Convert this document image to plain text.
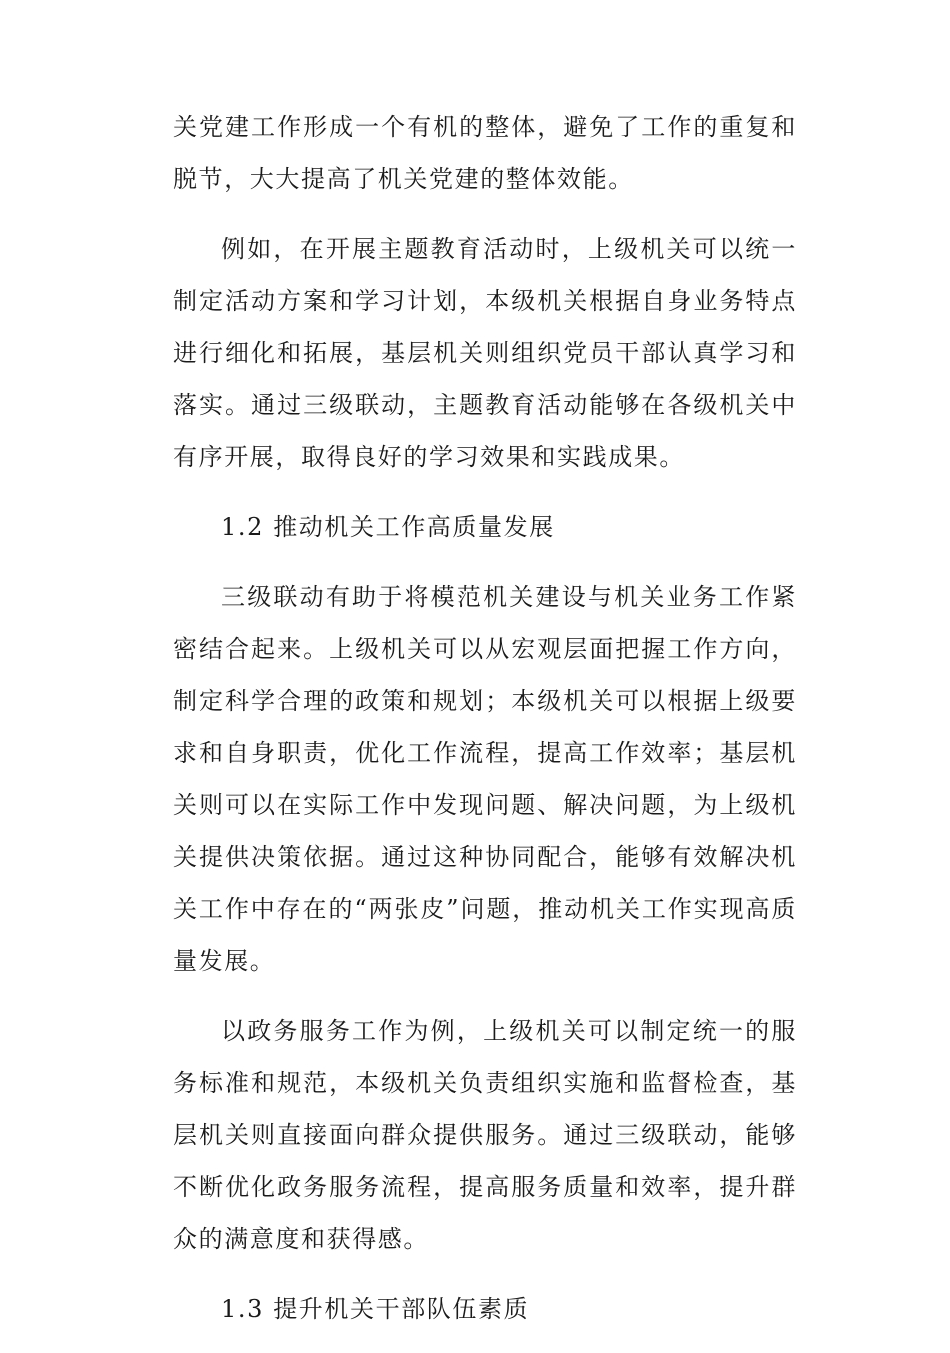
关党建工作形成一个有机的整体，避免了工作的重复和脱节，大大提高了机关党建的整体效能。

例如，在开展主题教育活动时，上级机关可以统一制定活动方案和学习计划，本级机关根据自身业务特点进行细化和拓展，基层机关则组织党员干部认真学习和落实。通过三级联动，主题教育活动能够在各级机关中有序开展，取得良好的学习效果和实践成果。

1.2 推动机关工作高质量发展

三级联动有助于将模范机关建设与机关业务工作紧密结合起来。上级机关可以从宏观层面把握工作方向，制定科学合理的政策和规划；本级机关可以根据上级要求和自身职责，优化工作流程，提高工作效率；基层机关则可以在实际工作中发现问题、解决问题，为上级机关提供决策依据。通过这种协同配合，能够有效解决机关工作中存在的“两张皮”问题，推动机关工作实现高质量发展。

以政务服务工作为例，上级机关可以制定统一的服务标准和规范，本级机关负责组织实施和监督检查，基层机关则直接面向群众提供服务。通过三级联动，能够不断优化政务服务流程，提高服务质量和效率，提升群众的满意度和获得感。

1.3 提升机关干部队伍素质
